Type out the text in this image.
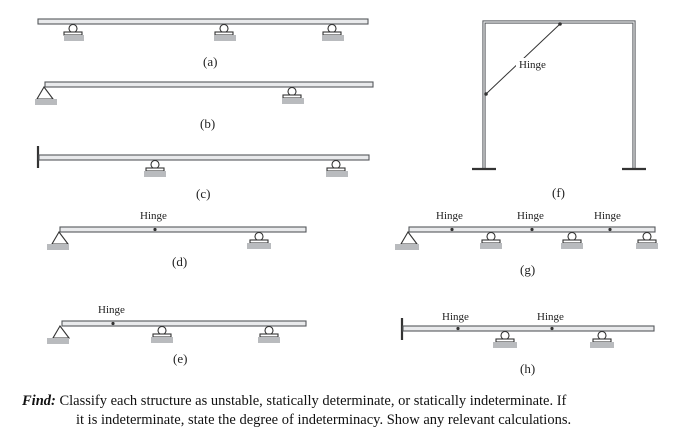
(a)
(b)
(c)
Hinge
(d)
Hinge
(e)
Hinge
(f)
Hinge	Hinge	Hinge
(g)
Hinge	Hinge
(h)
Find: Classify each structure as unstable, statically determinate, or statically indeterminate. If
it is indeterminate, state the degree of indeterminacy. Show any relevant calculations.
